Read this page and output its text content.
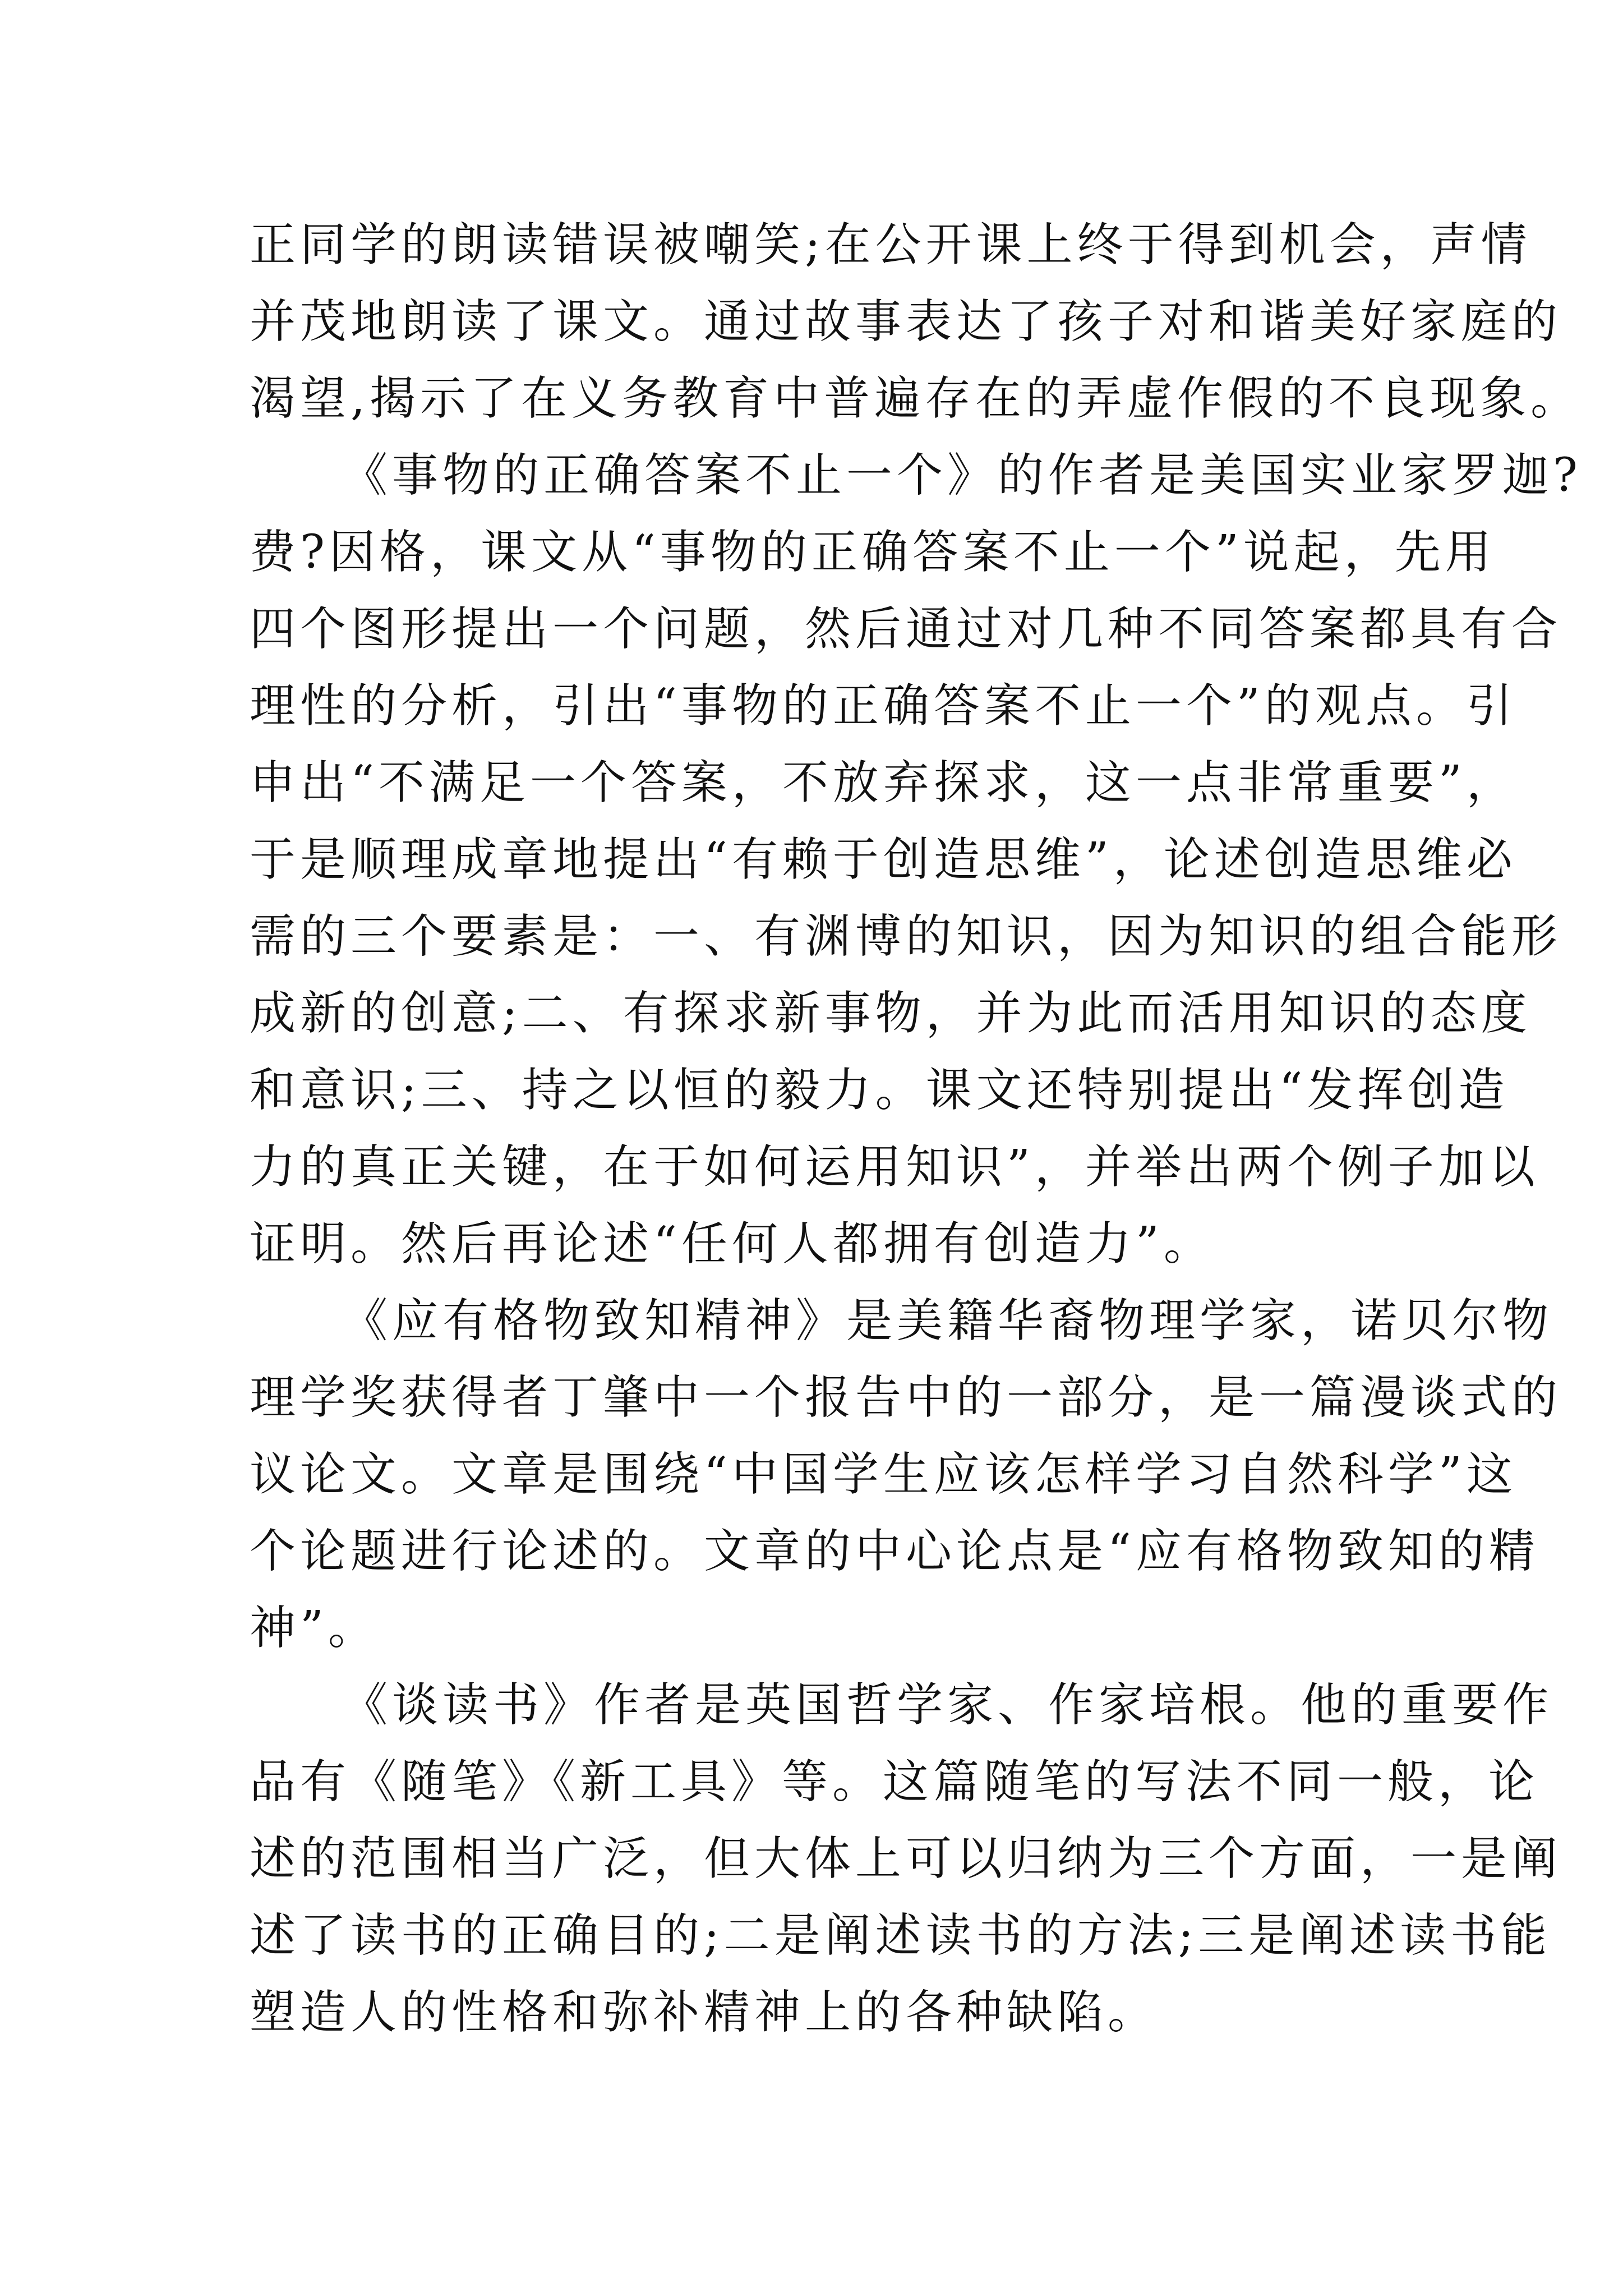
正同学的朗读错误被嘲笑;在公开课上终于得到机会，声情
并茂地朗读了课文。通过故事表达了孩子对和谐美好家庭的
渴望,揭示了在义务教育中普遍存在的弄虚作假的不良现象。
《事物的正确答案不止一个》的作者是美国实业家罗迦?
费?因格，课文从“事物的正确答案不止一个”说起，先用
四个图形提出一个问题，然后通过对几种不同答案都具有合
理性的分析，引出“事物的正确答案不止一个”的观点。引
申出“不满足一个答案，不放弃探求，这一点非常重要”，
于是顺理成章地提出“有赖于创造思维”，论述创造思维必
需的三个要素是：一、有渊博的知识，因为知识的组合能形
成新的创意;二、有探求新事物，并为此而活用知识的态度
和意识;三、持之以恒的毅力。课文还特别提出“发挥创造
力的真正关键，在于如何运用知识”，并举出两个例子加以
证明。然后再论述“任何人都拥有创造力”。
《应有格物致知精神》是美籍华裔物理学家，诺贝尔物
理学奖获得者丁肇中一个报告中的一部分，是一篇漫谈式的
议论文。文章是围绕“中国学生应该怎样学习自然科学”这
个论题进行论述的。文章的中心论点是“应有格物致知的精
神”。
《谈读书》作者是英国哲学家、作家培根。他的重要作
品有《随笔》《新工具》等。这篇随笔的写法不同一般，论
述的范围相当广泛，但大体上可以归纳为三个方面，一是阐
述了读书的正确目的;二是阐述读书的方法;三是阐述读书能
塑造人的性格和弥补精神上的各种缺陷。
